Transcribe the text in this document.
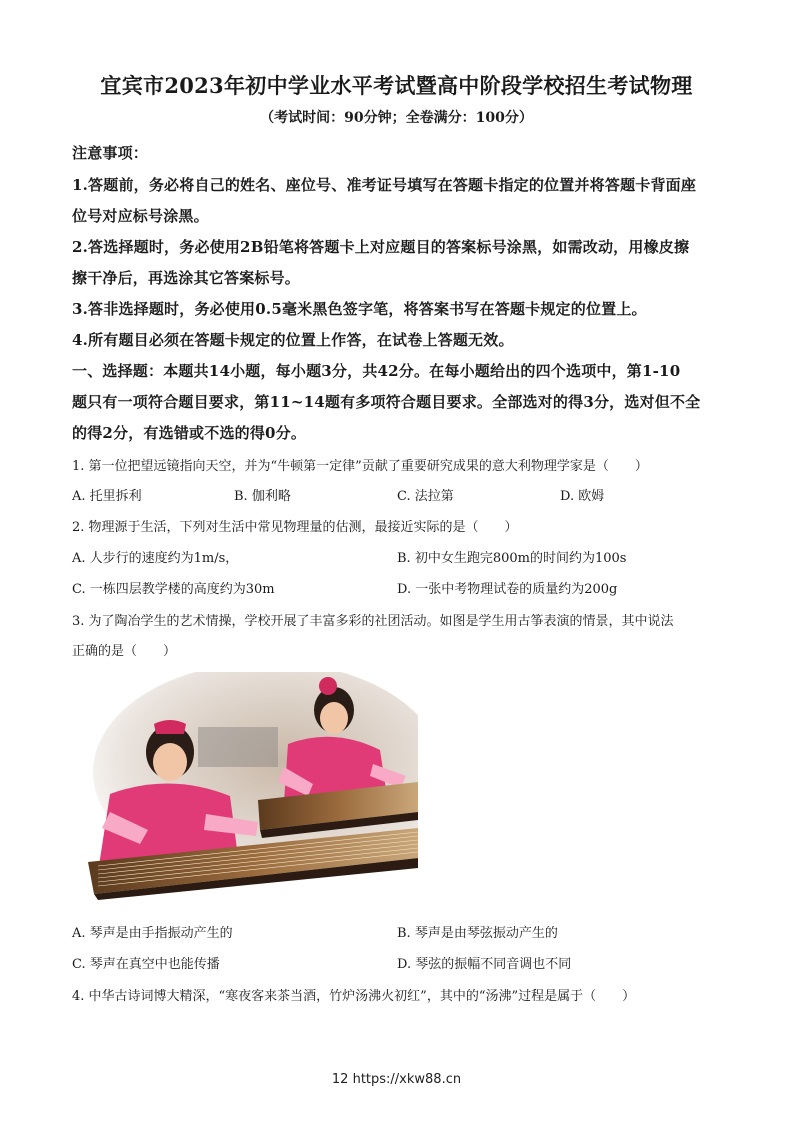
宜宾市2023年初中学业水平考试暨高中阶段学校招生考试物理
（考试时间：90分钟；全卷满分：100分）
注意事项：
1.答题前，务必将自己的姓名、座位号、准考证号填写在答题卡指定的位置并将答题卡背面座
位号对应标号涂黑。
2.答选择题时，务必使用2B铅笔将答题卡上对应题目的答案标号涂黑，如需改动，用橡皮擦
擦干净后，再选涂其它答案标号。
3.答非选择题时，务必使用0.5毫米黑色签字笔，将答案书写在答题卡规定的位置上。
4.所有题目必须在答题卡规定的位置上作答，在试卷上答题无效。
一、选择题：本题共14小题，每小题3分，共42分。在每小题给出的四个选项中，第1-10
题只有一项符合题目要求，第11~14题有多项符合题目要求。全部选对的得3分，选对但不全
的得2分，有选错或不选的得0分。
1. 第一位把望远镜指向天空，并为“牛顿第一定律”贡献了重要研究成果的意大利物理学家是（　　）
A. 托里拆利	B. 伽利略	C. 法拉第	D. 欧姆
2. 物理源于生活，下列对生活中常见物理量的估测，最接近实际的是（　　）
A. 人步行的速度约为1m/s，	B. 初中女生跑完800m的时间约为100s
C. 一栋四层教学楼的高度约为30m	D. 一张中考物理试卷的质量约为200g
3. 为了陶冶学生的艺术情操，学校开展了丰富多彩的社团活动。如图是学生用古筝表演的情景，其中说法
正确的是（　　）
A. 琴声是由手指振动产生的	B. 琴声是由琴弦振动产生的
C. 琴声在真空中也能传播	D. 琴弦的振幅不同音调也不同
4. 中华古诗词博大精深，“寒夜客来茶当酒，竹炉汤沸火初红”，其中的“汤沸”过程是属于（　　）
12 https://xkw88.cn
